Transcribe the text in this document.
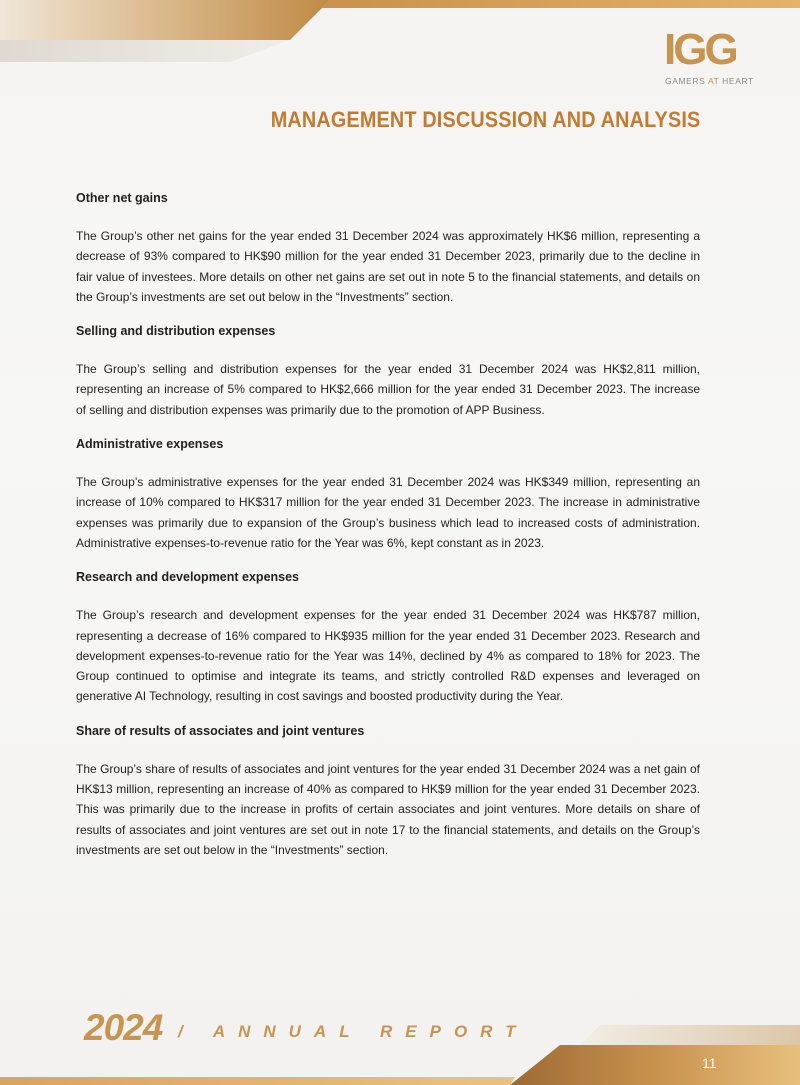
IGG
GAMERS AT HEART
MANAGEMENT DISCUSSION AND ANALYSIS
Other net gains

The Group’s other net gains for the year ended 31 December 2024 was approximately HK$6 million, representing a decrease of 93% compared to HK$90 million for the year ended 31 December 2023, primarily due to the decline in fair value of investees. More details on other net gains are set out in note 5 to the financial statements, and details on the Group’s investments are set out below in the “Investments” section.

Selling and distribution expenses

The Group’s selling and distribution expenses for the year ended 31 December 2024 was HK$2,811 million, representing an increase of 5% compared to HK$2,666 million for the year ended 31 December 2023. The increase of selling and distribution expenses was primarily due to the promotion of APP Business.

Administrative expenses

The Group’s administrative expenses for the year ended 31 December 2024 was HK$349 million, representing an increase of 10% compared to HK$317 million for the year ended 31 December 2023. The increase in administrative expenses was primarily due to expansion of the Group’s business which lead to increased costs of administration. Administrative expenses-to-revenue ratio for the Year was 6%, kept constant as in 2023.

Research and development expenses

The Group’s research and development expenses for the year ended 31 December 2024 was HK$787 million, representing a decrease of 16% compared to HK$935 million for the year ended 31 December 2023. Research and development expenses-to-revenue ratio for the Year was 14%, declined by 4% as compared to 18% for 2023. The Group continued to optimise and integrate its teams, and strictly controlled R&D expenses and leveraged on generative AI Technology, resulting in cost savings and boosted productivity during the Year.

Share of results of associates and joint ventures

The Group’s share of results of associates and joint ventures for the year ended 31 December 2024 was a net gain of HK$13 million, representing an increase of 40% as compared to HK$9 million for the year ended 31 December 2023. This was primarily due to the increase in profits of certain associates and joint ventures. More details on share of results of associates and joint ventures are set out in note 17 to the financial statements, and details on the Group’s investments are set out below in the “Investments” section.

2024 / ANNUAL REPORT
11
